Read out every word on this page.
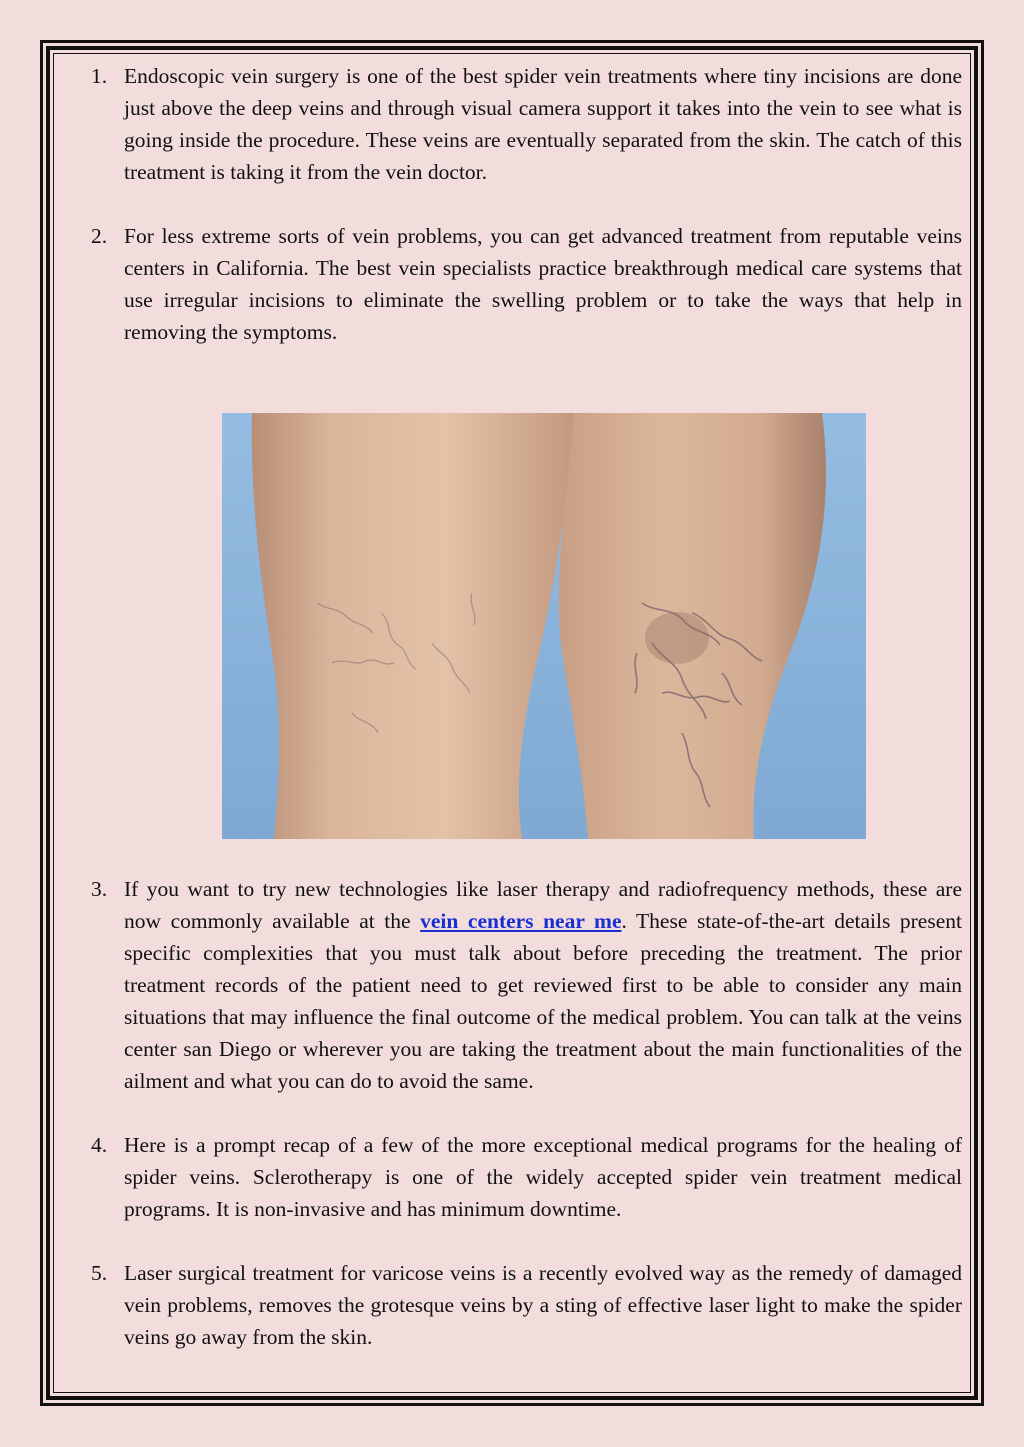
1. Endoscopic vein surgery is one of the best spider vein treatments where tiny incisions are done just above the deep veins and through visual camera support it takes into the vein to see what is going inside the procedure. These veins are eventually separated from the skin. The catch of this treatment is taking it from the vein doctor.
2. For less extreme sorts of vein problems, you can get advanced treatment from reputable veins centers in California. The best vein specialists practice breakthrough medical care systems that use irregular incisions to eliminate the swelling problem or to take the ways that help in removing the symptoms.
3. If you want to try new technologies like laser therapy and radiofrequency methods, these are now commonly available at the vein centers near me. These state-of-the-art details present specific complexities that you must talk about before preceding the treatment. The prior treatment records of the patient need to get reviewed first to be able to consider any main situations that may influence the final outcome of the medical problem. You can talk at the veins center san Diego or wherever you are taking the treatment about the main functionalities of the ailment and what you can do to avoid the same.
4. Here is a prompt recap of a few of the more exceptional medical programs for the healing of spider veins. Sclerotherapy is one of the widely accepted spider vein treatment medical programs. It is non-invasive and has minimum downtime.
5. Laser surgical treatment for varicose veins is a recently evolved way as the remedy of damaged vein problems, removes the grotesque veins by a sting of effective laser light to make the spider veins go away from the skin.
